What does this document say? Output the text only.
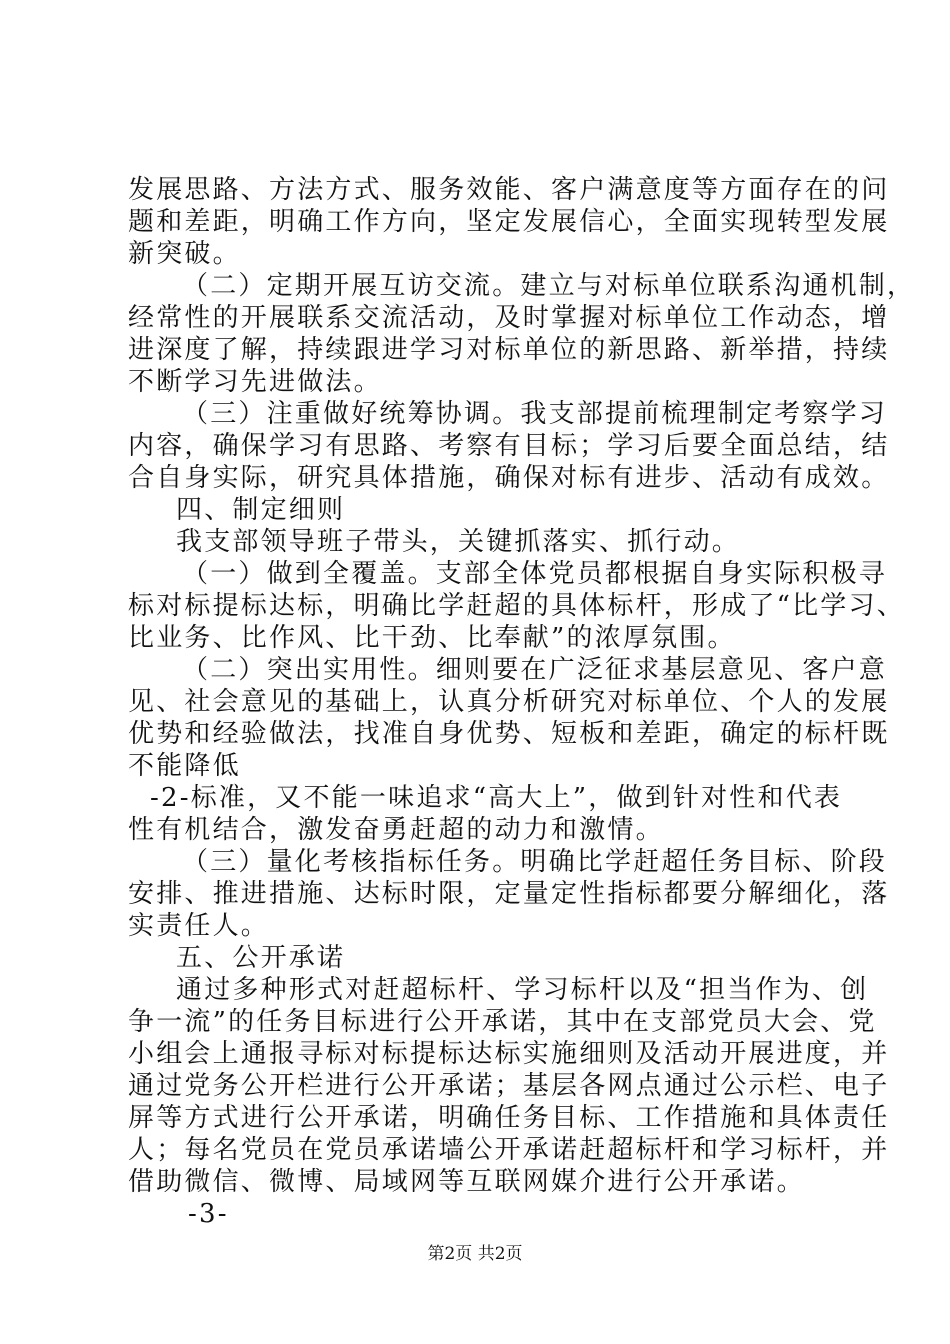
发展思路、方法方式、服务效能、客户满意度等方面存在的问
题和差距，明确工作方向，坚定发展信心，全面实现转型发展
新突破。
（二）定期开展互访交流。建立与对标单位联系沟通机制，
经常性的开展联系交流活动，及时掌握对标单位工作动态，增
进深度了解，持续跟进学习对标单位的新思路、新举措，持续
不断学习先进做法。
（三）注重做好统筹协调。我支部提前梳理制定考察学习
内容，确保学习有思路、考察有目标；学习后要全面总结，结
合自身实际，研究具体措施，确保对标有进步、活动有成效。
四、制定细则
我支部领导班子带头，关键抓落实、抓行动。
（一）做到全覆盖。支部全体党员都根据自身实际积极寻
标对标提标达标，明确比学赶超的具体标杆，形成了“比学习、
比业务、比作风、比干劲、比奉献”的浓厚氛围。
（二）突出实用性。细则要在广泛征求基层意见、客户意
见、社会意见的基础上，认真分析研究对标单位、个人的发展
优势和经验做法，找准自身优势、短板和差距，确定的标杆既
不能降低
-2-标准，又不能一味追求“高大上”，做到针对性和代表
性有机结合，激发奋勇赶超的动力和激情。
（三）量化考核指标任务。明确比学赶超任务目标、阶段
安排、推进措施、达标时限，定量定性指标都要分解细化，落
实责任人。
五、公开承诺
通过多种形式对赶超标杆、学习标杆以及“担当作为、创
争一流”的任务目标进行公开承诺，其中在支部党员大会、党
小组会上通报寻标对标提标达标实施细则及活动开展进度，并
通过党务公开栏进行公开承诺；基层各网点通过公示栏、电子
屏等方式进行公开承诺，明确任务目标、工作措施和具体责任
人；每名党员在党员承诺墙公开承诺赶超标杆和学习标杆，并
借助微信、微博、局域网等互联网媒介进行公开承诺。
-3-
第2页 共2页
